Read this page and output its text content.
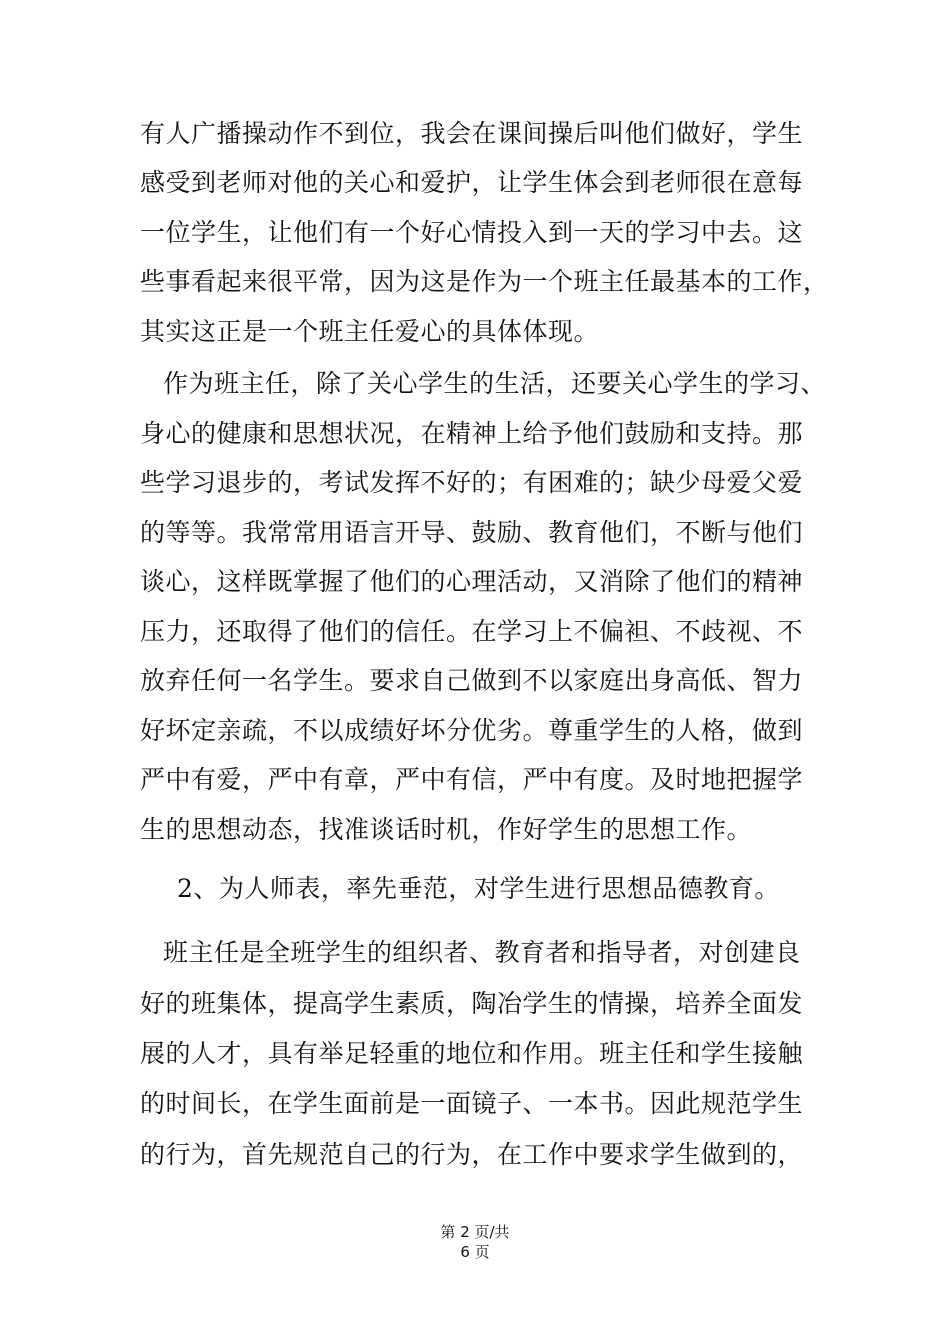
有人广播操动作不到位，我会在课间操后叫他们做好，学生
感受到老师对他的关心和爱护，让学生体会到老师很在意每
一位学生，让他们有一个好心情投入到一天的学习中去。这
些事看起来很平常，因为这是作为一个班主任最基本的工作，
其实这正是一个班主任爱心的具体体现。
作为班主任，除了关心学生的生活，还要关心学生的学习、
身心的健康和思想状况，在精神上给予他们鼓励和支持。那
些学习退步的，考试发挥不好的；有困难的；缺少母爱父爱
的等等。我常常用语言开导、鼓励、教育他们，不断与他们
谈心，这样既掌握了他们的心理活动，又消除了他们的精神
压力，还取得了他们的信任。在学习上不偏袒、不歧视、不
放弃任何一名学生。要求自己做到不以家庭出身高低、智力
好坏定亲疏，不以成绩好坏分优劣。尊重学生的人格，做到
严中有爱，严中有章，严中有信，严中有度。及时地把握学
生的思想动态，找准谈话时机，作好学生的思想工作。
2、为人师表，率先垂范，对学生进行思想品德教育。
班主任是全班学生的组织者、教育者和指导者，对创建良
好的班集体，提高学生素质，陶冶学生的情操，培养全面发
展的人才，具有举足轻重的地位和作用。班主任和学生接触
的时间长，在学生面前是一面镜子、一本书。因此规范学生
的行为，首先规范自己的行为，在工作中要求学生做到的，
第 2 页/共
6 页
